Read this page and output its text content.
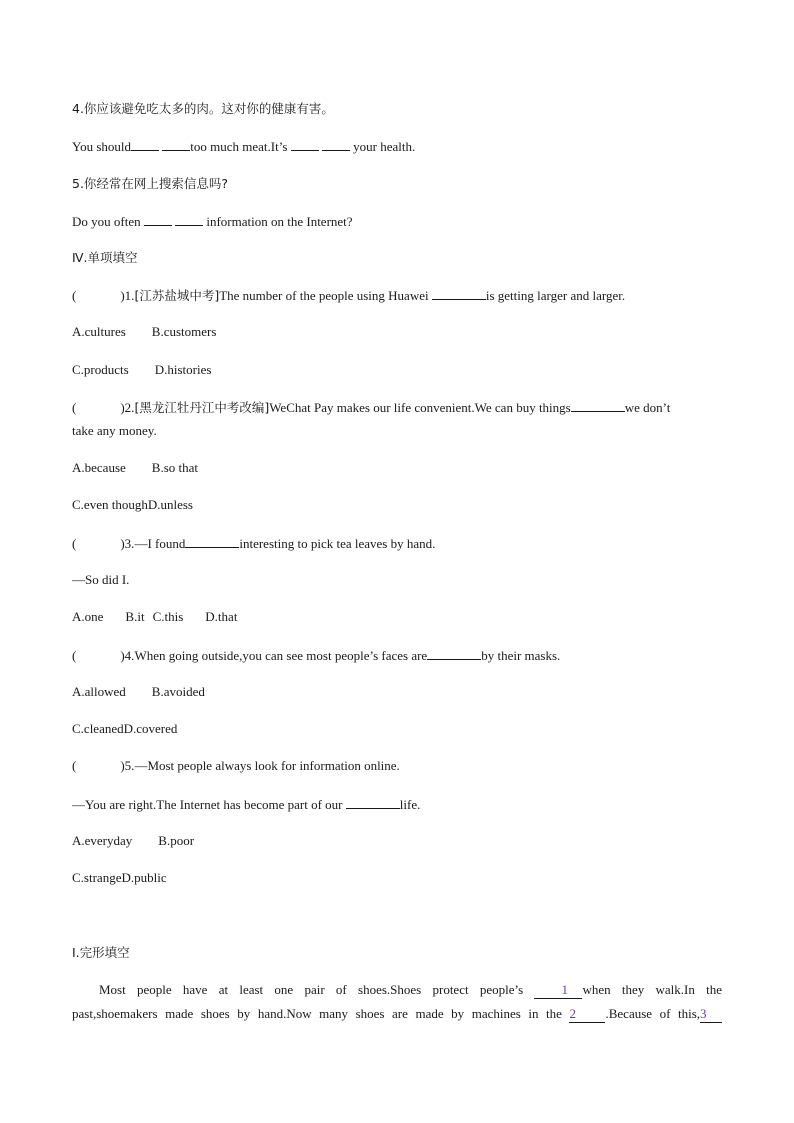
4.你应该避免吃太多的肉。这对你的健康有害。
You should	too much meat.It’s	your health.
5.你经常在网上搜索信息吗?
Do you often	information on the Internet?
Ⅳ.单项填空
(	)1.[江苏盐城中考]The number of the people using Huawei	is getting larger and larger.
A.cultures B.customers
C.products D.histories
(	)2.[黑龙江牡丹江中考改编]WeChat Pay makes our life convenient.We can buy things	we don’t
take any money.
A.because B.so that
C.even thoughD.unless
(	)3.—I found	interesting to pick tea leaves by hand.
—So did I.
A.one B.it C.this D.that
(	)4.When going outside,you can see most people’s faces are	by their masks.
A.allowed B.avoided
C.cleanedD.covered
(	)5.—Most people always look for information online.
—You are right.The Internet has become part of our	life.
A.everyday B.poor
C.strangeD.public
Ⅰ.完形填空
Most people have at least one pair of shoes.Shoes protect people’s	1 when they walk.In the
past,shoemakers made shoes by hand.Now many shoes are made by machines in the 2 .Because of this,3
